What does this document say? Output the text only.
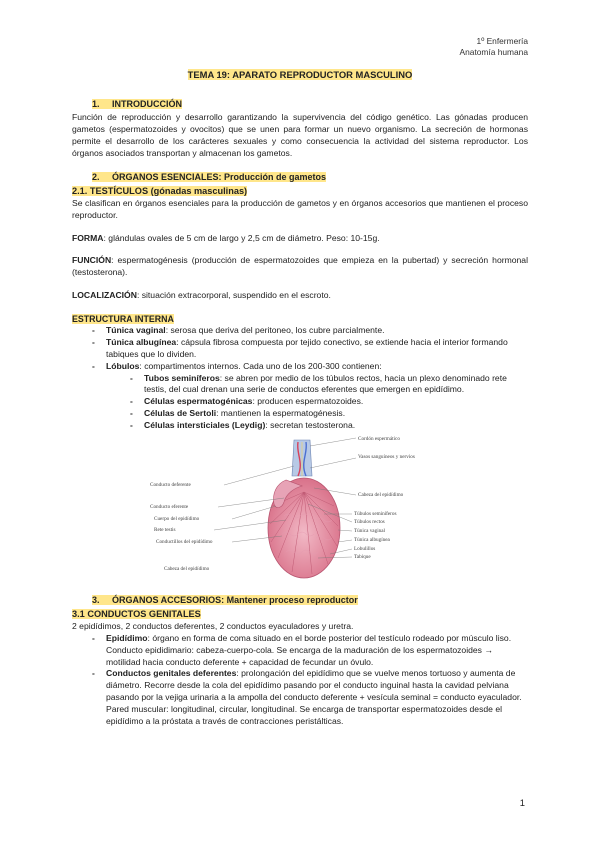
1º Enfermería
Anatomía humana
TEMA 19: APARATO REPRODUCTOR MASCULINO
1. INTRODUCCIÓN

Función de reproducción y desarrollo garantizando la supervivencia del código genético. Las gónadas producen gametos (espermatozoides y ovocitos) que se unen para formar un nuevo organismo. La secreción de hormonas permite el desarrollo de los carácteres sexuales y como consecuencia la actividad del sistema reproductor. Los órganos asociados transportan y almacenan los gametos.

2. ÓRGANOS ESENCIALES: Producción de gametos
2.1. TESTÍCULOS (gónadas masculinas)

Se clasifican en órganos esenciales para la producción de gametos y en órganos accesorios que mantienen el proceso reproductor.

FORMA: glándulas ovales de 5 cm de largo y 2,5 cm de diámetro. Peso: 10-15g.

FUNCIÓN: espermatogénesis (producción de espermatozoides que empieza en la pubertad) y secreción hormonal (testosterona).

LOCALIZACIÓN: situación extracorporal, suspendido en el escroto.

ESTRUCTURA INTERNA
- Túnica vaginal: serosa que deriva del peritoneo, los cubre parcialmente.
- Túnica albugínea: cápsula fibrosa compuesta por tejido conectivo, se extiende hacia el interior formando tabiques que lo dividen.
- Lóbulos: compartimentos internos. Cada uno de los 200-300 contienen:
- Tubos seminíferos: se abren por medio de los túbulos rectos, hacia un plexo denominado rete testis, del cual drenan una serie de conductos eferentes que emergen en epidídimo.
- Células espermatogénicas: producen espermatozoides.
- Células de Sertoli: mantienen la espermatogénesis.
- Células intersticiales (Leydig): secretan testosterona.
Conducto deferente
Conducto eferente
Cuerpo del epidídimo
Rete testis
Conductillos del epidídimo
Cabeza del epidídimo
Cordón espermático
Vasos sanguíneos y nervios
Cabeza del epidídimo
Túbulos seminíferos
Túbulos rectos
Túnica vaginal
Túnica albugínea
Lobulillos
Tabique
3. ÓRGANOS ACCESORIOS: Mantener proceso reproductor
3.1 CONDUCTOS GENITALES

2 epidídimos, 2 conductos deferentes, 2 conductos eyaculadores y uretra.

- Epidídimo: órgano en forma de coma situado en el borde posterior del testículo rodeado por músculo liso. Conducto epididimario: cabeza-cuerpo-cola. Se encarga de la maduración de los espermatozoides → motilidad hacia conducto deferente + capacidad de fecundar un óvulo.
- Conductos genitales deferentes: prolongación del epidídimo que se vuelve menos tortuoso y aumenta de diámetro. Recorre desde la cola del epidídimo pasando por el conducto inguinal hasta la cavidad pelviana pasando por la vejiga urinaria a la ampolla del conducto deferente + vesícula seminal = conducto eyaculador. Pared muscular: longitudinal, circular, longitudinal. Se encarga de transportar espermatozoides desde el epidídimo a la próstata a través de contracciones peristálticas.
1
